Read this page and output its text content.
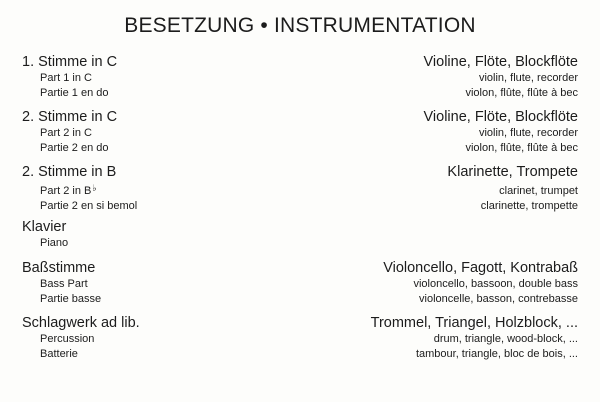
BESETZUNG • INSTRUMENTATION
1. Stimme in C	Violine, Flöte, Blockflöte
Part 1 in C	violin, flute, recorder
Partie 1 en do	violon, flûte, flûte à bec
2. Stimme in C	Violine, Flöte, Blockflöte
Part 2 in C	violin, flute, recorder
Partie 2 en do	violon, flûte, flûte à bec
2. Stimme in B	Klarinette, Trompete
Part 2 in B♭	clarinet, trumpet
Partie 2 en si bemol	clarinette, trompette
Klavier
Piano
Baßstimme	Violoncello, Fagott, Kontrabaß
Bass Part	violoncello, bassoon, double bass
Partie basse	violoncelle, basson, contrebasse
Schlagwerk ad lib.	Trommel, Triangel, Holzblock, ...
Percussion	drum, triangle, wood-block, ...
Batterie	tambour, triangle, bloc de bois, ...
